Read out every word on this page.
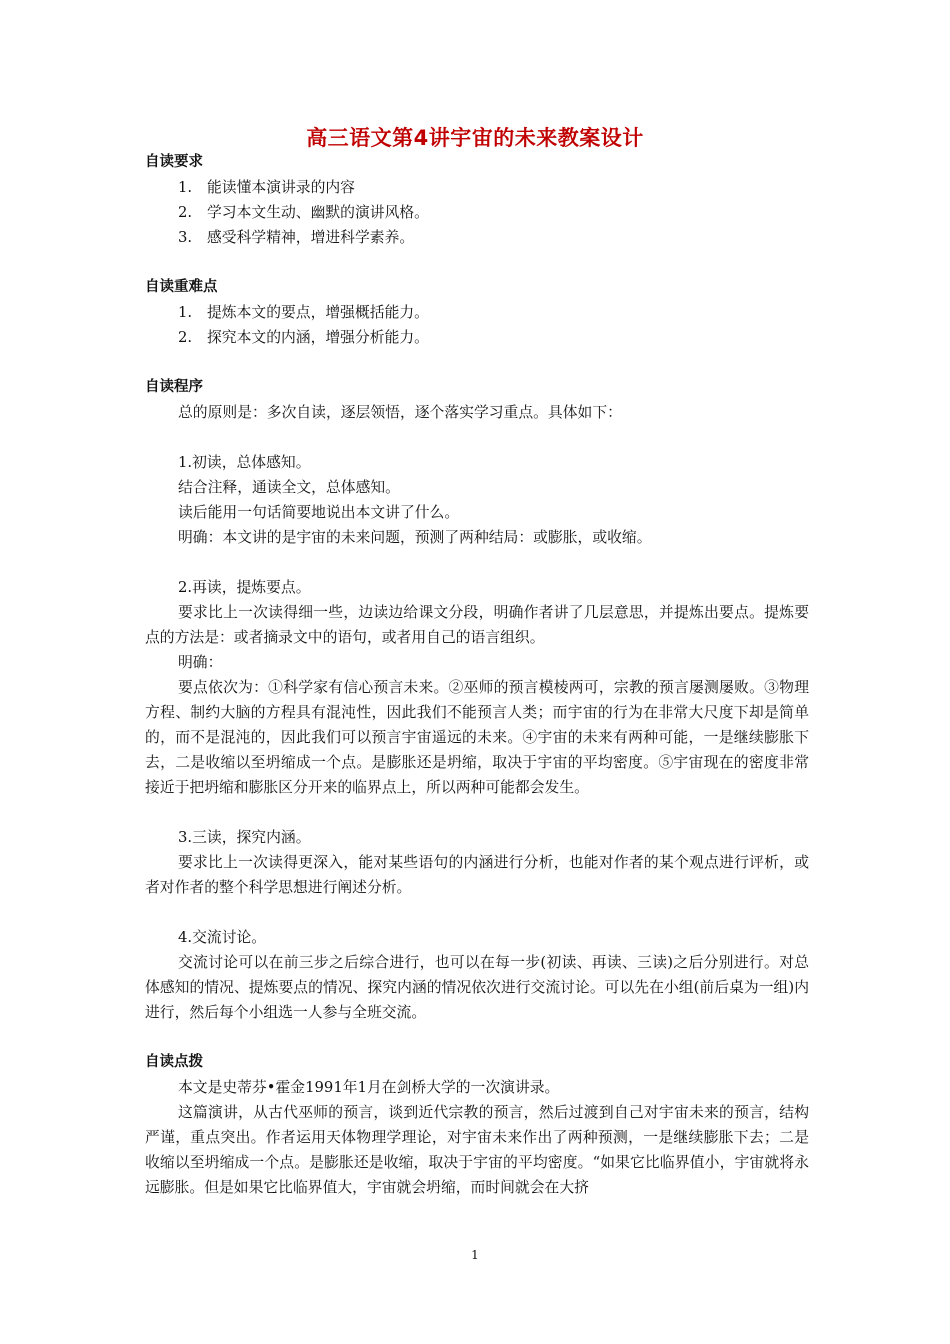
高三语文第4讲宇宙的未来教案设计

自读要求

1. 能读懂本演讲录的内容
2. 学习本文生动、幽默的演讲风格。
3. 感受科学精神，增进科学素养。

自读重难点

1. 提炼本文的要点，增强概括能力。
2. 探究本文的内涵，增强分析能力。

自读程序

总的原则是：多次自读，逐层领悟，逐个落实学习重点。具体如下：

1.初读，总体感知。

结合注释，通读全文，总体感知。

读后能用一句话简要地说出本文讲了什么。

明确：本文讲的是宇宙的未来问题，预测了两种结局：或膨胀，或收缩。

2.再读，提炼要点。

要求比上一次读得细一些，边读边给课文分段，明确作者讲了几层意思，并提炼出要点。提炼要点的方法是：或者摘录文中的语句，或者用自己的语言组织。

明确：

要点依次为：①科学家有信心预言未来。②巫师的预言模棱两可，宗教的预言屡测屡败。③物理方程、制约大脑的方程具有混沌性，因此我们不能预言人类；而宇宙的行为在非常大尺度下却是简单的，而不是混沌的，因此我们可以预言宇宙遥远的未来。④宇宙的未来有两种可能，一是继续膨胀下去，二是收缩以至坍缩成一个点。是膨胀还是坍缩，取决于宇宙的平均密度。⑤宇宙现在的密度非常接近于把坍缩和膨胀区分开来的临界点上，所以两种可能都会发生。

3.三读，探究内涵。

要求比上一次读得更深入，能对某些语句的内涵进行分析，也能对作者的某个观点进行评析，或者对作者的整个科学思想进行阐述分析。

4.交流讨论。

交流讨论可以在前三步之后综合进行，也可以在每一步(初读、再读、三读)之后分别进行。对总体感知的情况、提炼要点的情况、探究内涵的情况依次进行交流讨论。可以先在小组(前后桌为一组)内进行，然后每个小组选一人参与全班交流。

自读点拨

本文是史蒂芬•霍金1991年1月在剑桥大学的一次演讲录。

这篇演讲，从古代巫师的预言，谈到近代宗教的预言，然后过渡到自己对宇宙未来的预言，结构严谨，重点突出。作者运用天体物理学理论，对宇宙未来作出了两种预测，一是继续膨胀下去；二是收缩以至坍缩成一个点。是膨胀还是收缩，取决于宇宙的平均密度。“如果它比临界值小，宇宙就将永远膨胀。但是如果它比临界值大，宇宙就会坍缩，而时间就会在大挤

1
